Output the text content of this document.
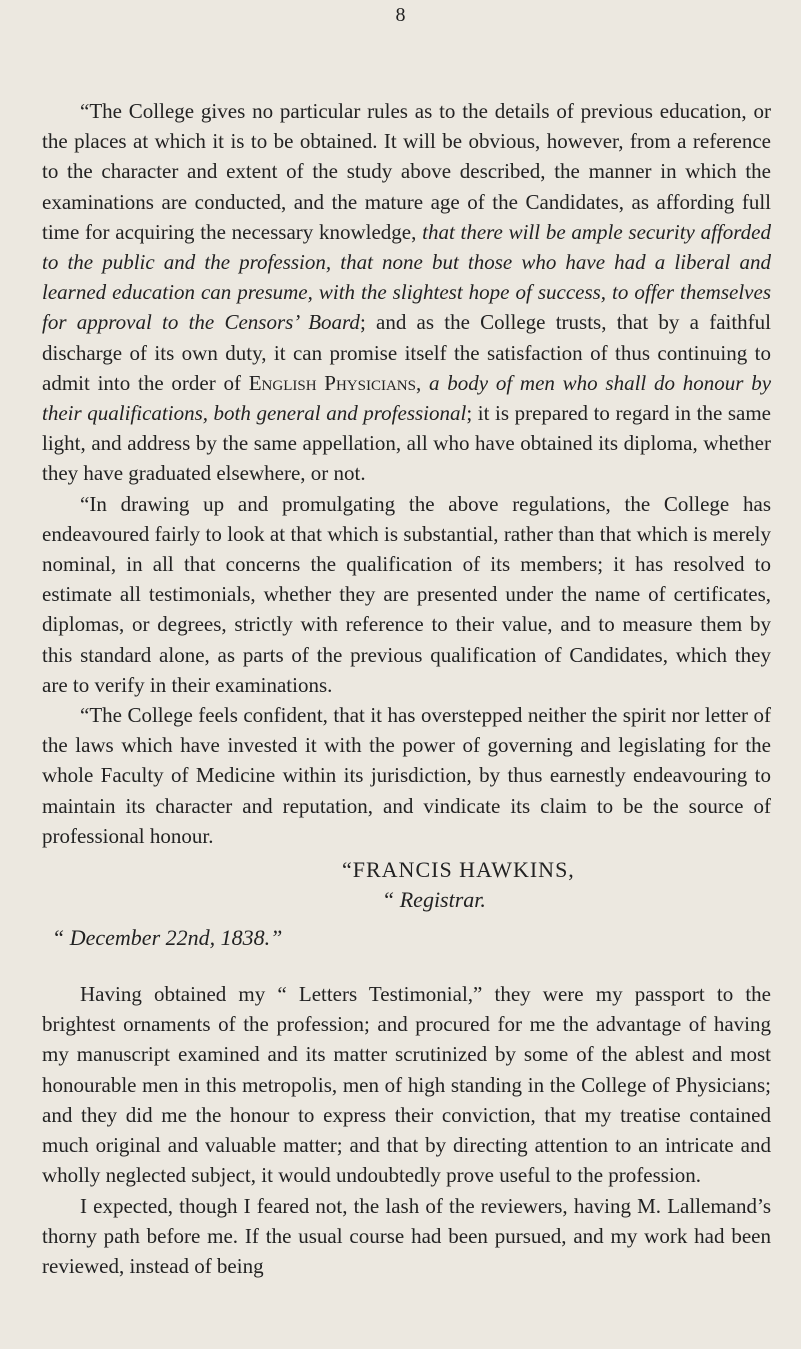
8

“The College gives no particular rules as to the details of previous education, or the places at which it is to be obtained. It will be obvious, however, from a reference to the character and extent of the study above described, the manner in which the examinations are conducted, and the mature age of the Candidates, as affording full time for acquiring the necessary knowledge, that there will be ample security afforded to the public and the profession, that none but those who have had a liberal and learned education can presume, with the slightest hope of success, to offer themselves for approval to the Censors’ Board; and as the College trusts, that by a faithful discharge of its own duty, it can promise itself the satisfaction of thus continuing to admit into the order of English Physicians, a body of men who shall do honour by their qualifications, both general and professional; it is prepared to regard in the same light, and address by the same appellation, all who have obtained its diploma, whether they have graduated elsewhere, or not.

“In drawing up and promulgating the above regulations, the College has endeavoured fairly to look at that which is substantial, rather than that which is merely nominal, in all that concerns the qualification of its members; it has resolved to estimate all testimonials, whether they are presented under the name of certificates, diplomas, or degrees, strictly with reference to their value, and to measure them by this standard alone, as parts of the previous qualification of Candidates, which they are to verify in their examinations.

“The College feels confident, that it has overstepped neither the spirit nor letter of the laws which have invested it with the power of governing and legislating for the whole Faculty of Medicine within its jurisdiction, by thus earnestly endeavouring to maintain its character and reputation, and vindicate its claim to be the source of professional honour.

“FRANCIS HAWKINS,
“ Registrar.
“ December 22nd, 1838.”

Having obtained my “ Letters Testimonial,” they were my passport to the brightest ornaments of the profession; and procured for me the advantage of having my manuscript examined and its matter scrutinized by some of the ablest and most honourable men in this metropolis, men of high standing in the College of Physicians; and they did me the honour to express their conviction, that my treatise contained much original and valuable matter; and that by directing attention to an intricate and wholly neglected subject, it would undoubtedly prove useful to the profession.

I expected, though I feared not, the lash of the reviewers, having M. Lallemand’s thorny path before me. If the usual course had been pursued, and my work had been reviewed, instead of being
